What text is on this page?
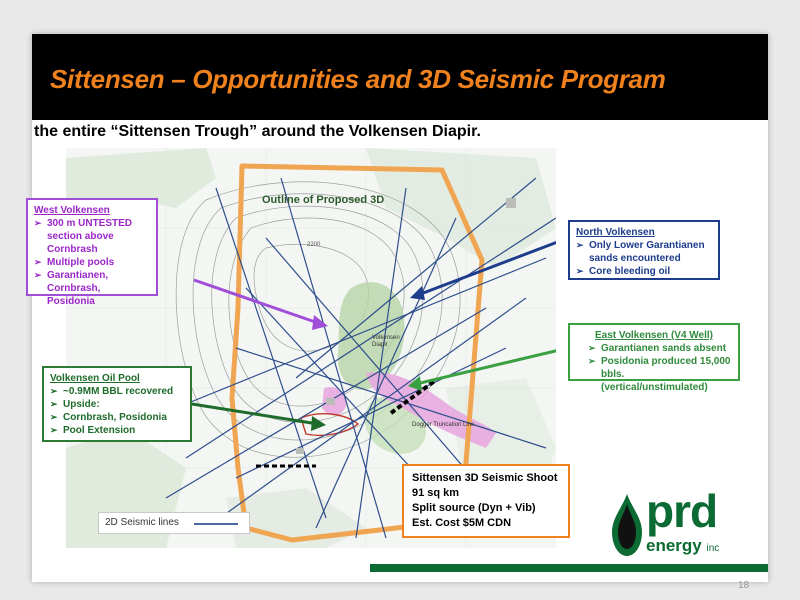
Sittensen – Opportunities and 3D Seismic Program
*PRD has initiated a 91 sq km 3D seismic program, encompassing
the entire “Sittensen Trough” around the Volkensen Diapir.
Outline of Proposed 3D
Volkensen
Diapir
Dogger Truncation Line
2200
West Volkensen
➢ 300 m UNTESTED section above Cornbrash
➢ Multiple pools
➢ Garantianen, Cornbrash, Posidonia
North Volkensen
➢ Only Lower Garantianen sands encountered
➢ Core bleeding oil
East Volkensen (V4 Well)
➢ Garantianen sands absent
➢ Posidonia produced 15,000 bbls. (vertical/unstimulated)
Volkensen Oil Pool
➢ ~0.9MM BBL recovered
➢ Upside:
➢ Cornbrash, Posidonia
➢ Pool Extension
Sittensen 3D Seismic Shoot
91 sq km
Split source (Dyn + Vib)
Est. Cost $5M CDN
2D Seismic lines	prd
energy inc
18
